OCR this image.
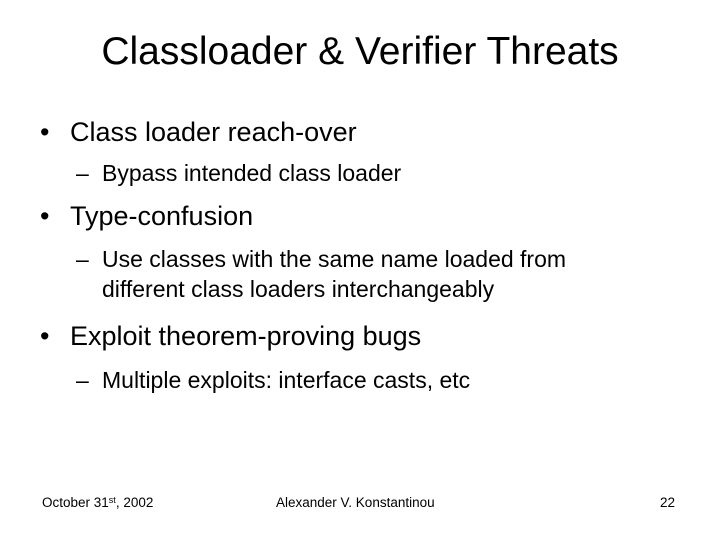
Classloader & Verifier Threats
• Class loader reach-over
– Bypass intended class loader
• Type-confusion
– Use classes with the same name loaded from
different class loaders interchangeably
• Exploit theorem-proving bugs
– Multiple exploits: interface casts, etc
October 31st, 2002	Alexander V. Konstantinou	22
